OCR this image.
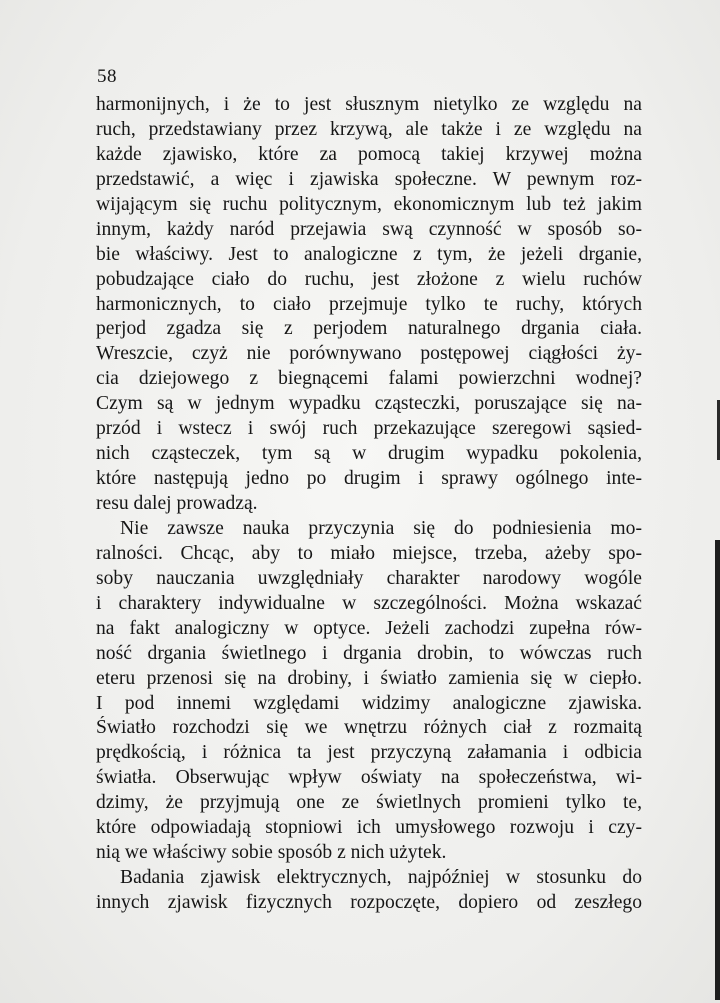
58
harmonijnych, i że to jest słusznym nietylko ze względu na
ruch, przedstawiany przez krzywą, ale także i ze względu na
każde zjawisko, które za pomocą takiej krzywej można
przedstawić, a więc i zjawiska społeczne. W pewnym roz-
wijającym się ruchu politycznym, ekonomicznym lub też jakim
innym, każdy naród przejawia swą czynność w sposób so-
bie właściwy. Jest to analogiczne z tym, że jeżeli drganie,
pobudzające ciało do ruchu, jest złożone z wielu ruchów
harmonicznych, to ciało przejmuje tylko te ruchy, których
perjod zgadza się z perjodem naturalnego drgania ciała.
Wreszcie, czyż nie porównywano postępowej ciągłości ży-
cia dziejowego z biegnącemi falami powierzchni wodnej?
Czym są w jednym wypadku cząsteczki, poruszające się na-
przód i wstecz i swój ruch przekazujące szeregowi sąsied-
nich cząsteczek, tym są w drugim wypadku pokolenia,
które następują jedno po drugim i sprawy ogólnego inte-
resu dalej prowadzą.
Nie zawsze nauka przyczynia się do podniesienia mo-
ralności. Chcąc, aby to miało miejsce, trzeba, ażeby spo-
soby nauczania uwzględniały charakter narodowy wogóle
i charaktery indywidualne w szczególności. Można wskazać
na fakt analogiczny w optyce. Jeżeli zachodzi zupełna rów-
ność drgania świetlnego i drgania drobin, to wówczas ruch
eteru przenosi się na drobiny, i światło zamienia się w ciepło.
I pod innemi względami widzimy analogiczne zjawiska.
Światło rozchodzi się we wnętrzu różnych ciał z rozmaitą
prędkością, i różnica ta jest przyczyną załamania i odbicia
światła. Obserwując wpływ oświaty na społeczeństwa, wi-
dzimy, że przyjmują one ze świetlnych promieni tylko te,
które odpowiadają stopniowi ich umysłowego rozwoju i czy-
nią we właściwy sobie sposób z nich użytek.
Badania zjawisk elektrycznych, najpóźniej w stosunku do
innych zjawisk fizycznych rozpoczęte, dopiero od zeszłego
